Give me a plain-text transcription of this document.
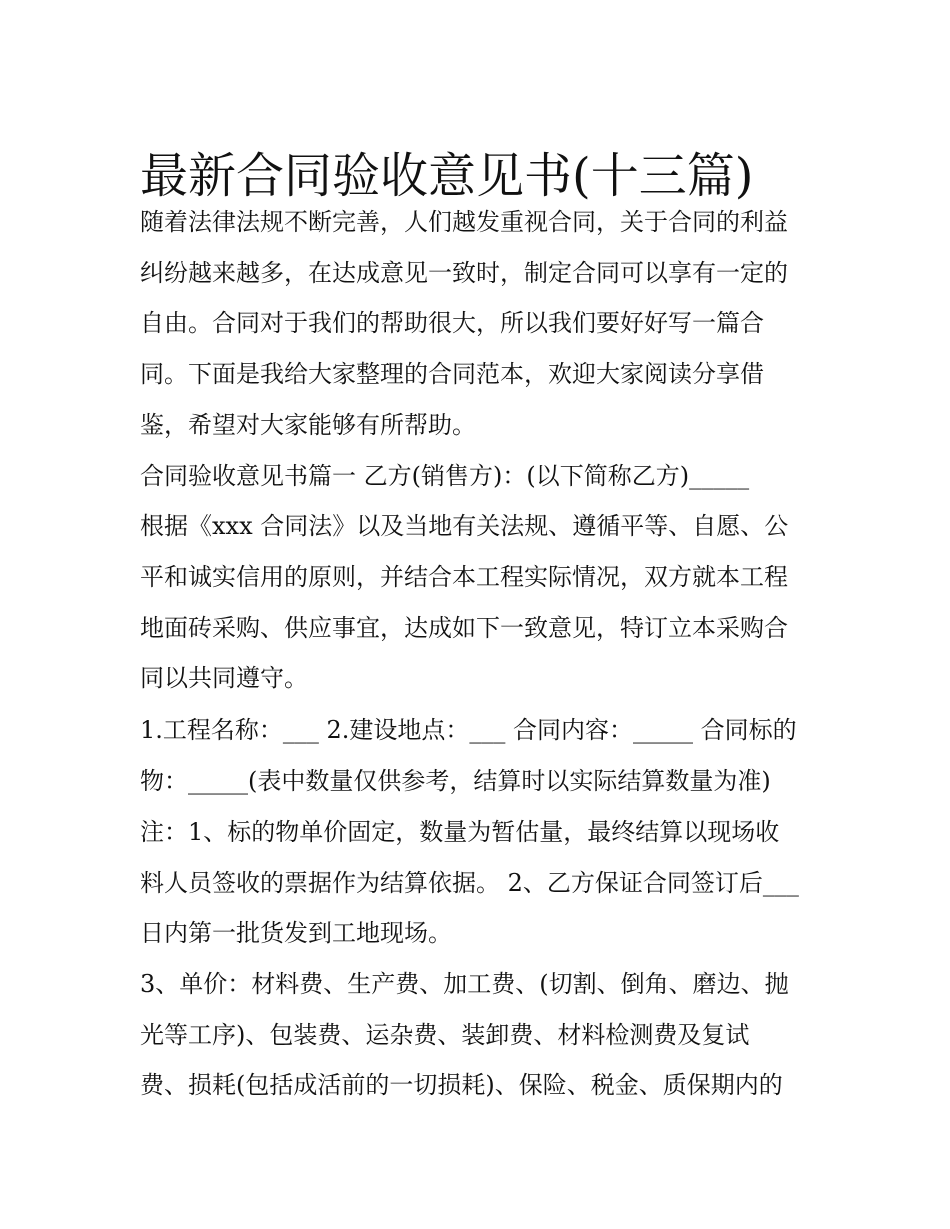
最新合同验收意见书(十三篇)
随着法律法规不断完善，人们越发重视合同，关于合同的利益
纠纷越来越多，在达成意见一致时，制定合同可以享有一定的
自由。合同对于我们的帮助很大，所以我们要好好写一篇合
同。下面是我给大家整理的合同范本，欢迎大家阅读分享借
鉴，希望对大家能够有所帮助。
合同验收意见书篇一 乙方(销售方)：(以下简称乙方)_____
根据《xxx 合同法》以及当地有关法规、遵循平等、自愿、公
平和诚实信用的原则，并结合本工程实际情况，双方就本工程
地面砖采购、供应事宜，达成如下一致意见，特订立本采购合
同以共同遵守。
1.工程名称：___ 2.建设地点：___ 合同内容：_____ 合同标的
物：_____(表中数量仅供参考，结算时以实际结算数量为准)
注：1、标的物单价固定，数量为暂估量，最终结算以现场收
料人员签收的票据作为结算依据。 2、乙方保证合同签订后___
日内第一批货发到工地现场。
3、单价：材料费、生产费、加工费、(切割、倒角、磨边、抛
光等工序)、包装费、运杂费、装卸费、材料检测费及复试
费、损耗(包括成活前的一切损耗)、保险、税金、质保期内的
